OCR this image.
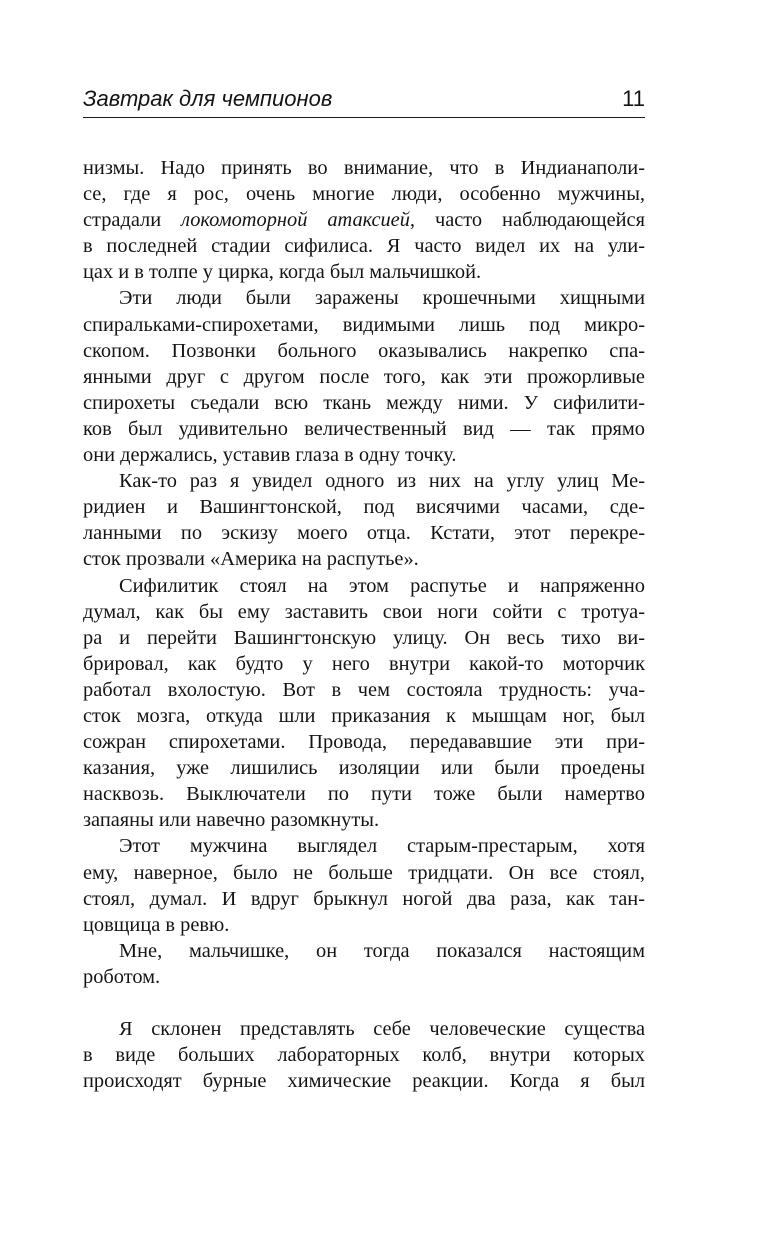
Завтрак для чемпионов	11
низмы. Надо принять во внимание, что в Индианаполи-
се, где я рос, очень многие люди, особенно мужчины,
страдали локомоторной атаксией, часто наблюдающейся
в последней стадии сифилиса. Я часто видел их на ули-
цах и в толпе у цирка, когда был мальчишкой.
Эти люди были заражены крошечными хищными
спиральками-спирохетами, видимыми лишь под микро-
скопом. Позвонки больного оказывались накрепко спа-
янными друг с другом после того, как эти прожорливые
спирохеты съедали всю ткань между ними. У сифилити-
ков был удивительно величественный вид — так прямо
они держались, уставив глаза в одну точку.
Как-то раз я увидел одного из них на углу улиц Ме-
ридиен и Вашингтонской, под висячими часами, сде-
ланными по эскизу моего отца. Кстати, этот перекре-
сток прозвали «Америка на распутье».
Сифилитик стоял на этом распутье и напряженно
думал, как бы ему заставить свои ноги сойти с тротуа-
ра и перейти Вашингтонскую улицу. Он весь тихо ви-
брировал, как будто у него внутри какой-то моторчик
работал вхолостую. Вот в чем состояла трудность: уча-
сток мозга, откуда шли приказания к мышцам ног, был
сожран спирохетами. Провода, передававшие эти при-
казания, уже лишились изоляции или были проедены
насквозь. Выключатели по пути тоже были намертво
запаяны или навечно разомкнуты.
Этот мужчина выглядел старым-престарым, хотя
ему, наверное, было не больше тридцати. Он все стоял,
стоял, думал. И вдруг брыкнул ногой два раза, как тан-
цовщица в ревю.
Мне, мальчишке, он тогда показался настоящим
роботом.
Я склонен представлять себе человеческие существа
в виде больших лабораторных колб, внутри которых
происходят бурные химические реакции. Когда я был
